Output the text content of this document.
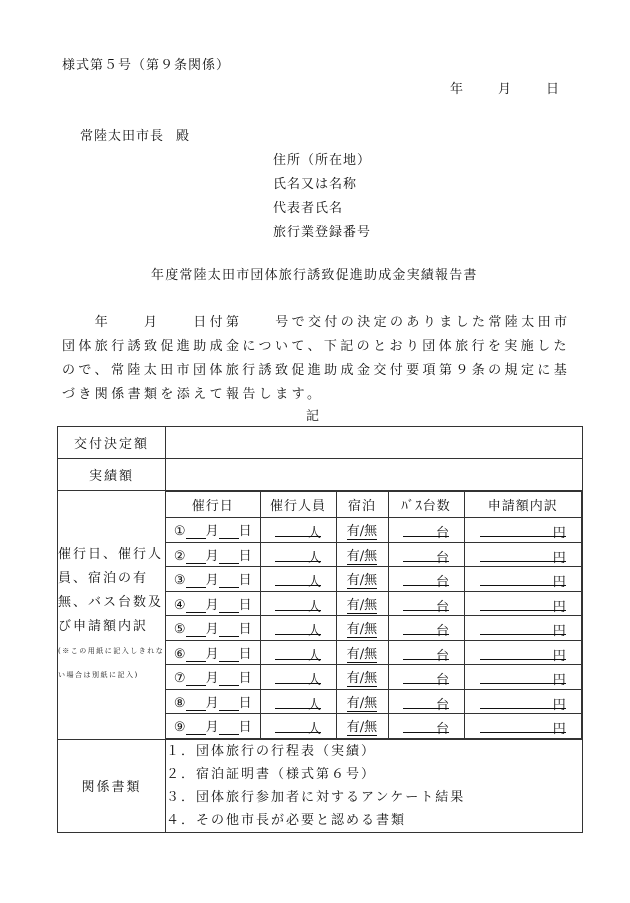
様式第５号（第９条関係）
年	月	日
常陸太田市長 殿
住所（所在地）
氏名又は名称
代表者氏名
旅行業登録番号
年度常陸太田市団体旅行誘致促進助成金実績報告書
　　年　　月　　日付第　　号で交付の決定のありました常陸太田市団体旅行誘致促進助成金について、下記のとおり団体旅行を実施したので、常陸太田市団体旅行誘致促進助成金交付要項第９条の規定に基づき関係書類を添えて報告します。
記
交付決定額	
実績額	

催行日、催行人員、宿泊の有無、バス台数及び申請額内訳
(※この用紙に記入しきれない場合は別紙に記入)

催行日	催行人員	宿泊	ﾊﾞｽ台数	申請額内訳
① 月 日	人	有/無	台	円
② 月 日	人	有/無	台	円
③ 月 日	人	有/無	台	円
④ 月 日	人	有/無	台	円
⑤ 月 日	人	有/無	台	円
⑥ 月 日	人	有/無	台	円
⑦ 月 日	人	有/無	台	円
⑧ 月 日	人	有/無	台	円
⑨ 月 日	人	有/無	台	円

関係書類	
１．団体旅行の行程表（実績）
２．宿泊証明書（様式第６号）
３．団体旅行参加者に対するアンケート結果
４．その他市長が必要と認める書類
